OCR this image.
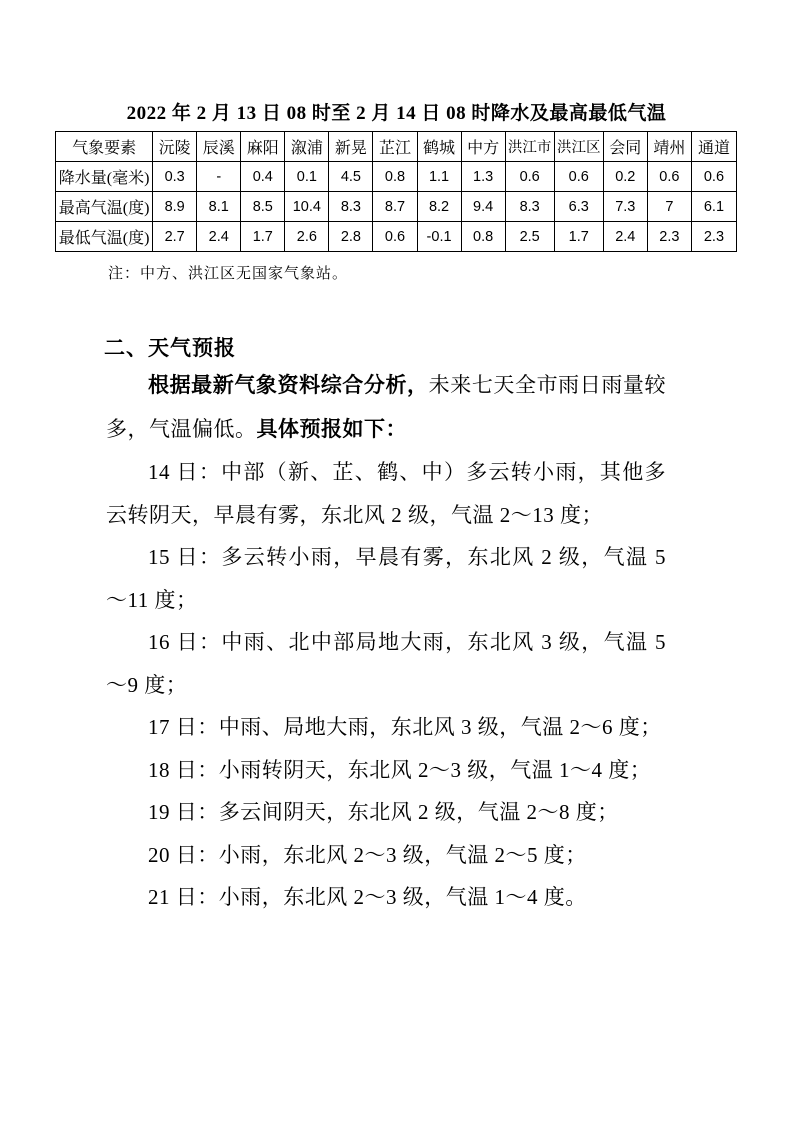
2022 年 2 月 13 日 08 时至 2 月 14 日 08 时降水及最高最低气温
气象要素	沅陵	辰溪	麻阳	溆浦	新晃	芷江	鹤城	中方	洪江市	洪江区	会同	靖州	通道
降水量(毫米)	0.3	-	0.4	0.1	4.5	0.8	1.1	1.3	0.6	0.6	0.2	0.6	0.6
最高气温(度)	8.9	8.1	8.5	10.4	8.3	8.7	8.2	9.4	8.3	6.3	7.3	7	6.1
最低气温(度)	2.7	2.4	1.7	2.6	2.8	0.6	-0.1	0.8	2.5	1.7	2.4	2.3	2.3
注：中方、洪江区无国家气象站。
二、天气预报

根据最新气象资料综合分析，未来七天全市雨日雨量较多，气温偏低。具体预报如下：

14 日：中部（新、芷、鹤、中）多云转小雨，其他多云转阴天，早晨有雾，东北风 2 级，气温 2～13 度；

15 日：多云转小雨，早晨有雾，东北风 2 级，气温 5～11 度；

16 日：中雨、北中部局地大雨，东北风 3 级，气温 5～9 度；

17 日：中雨、局地大雨，东北风 3 级，气温 2～6 度；

18 日：小雨转阴天，东北风 2～3 级，气温 1～4 度；

19 日：多云间阴天，东北风 2 级，气温 2～8 度；

20 日：小雨，东北风 2～3 级，气温 2～5 度；

21 日：小雨，东北风 2～3 级，气温 1～4 度。
